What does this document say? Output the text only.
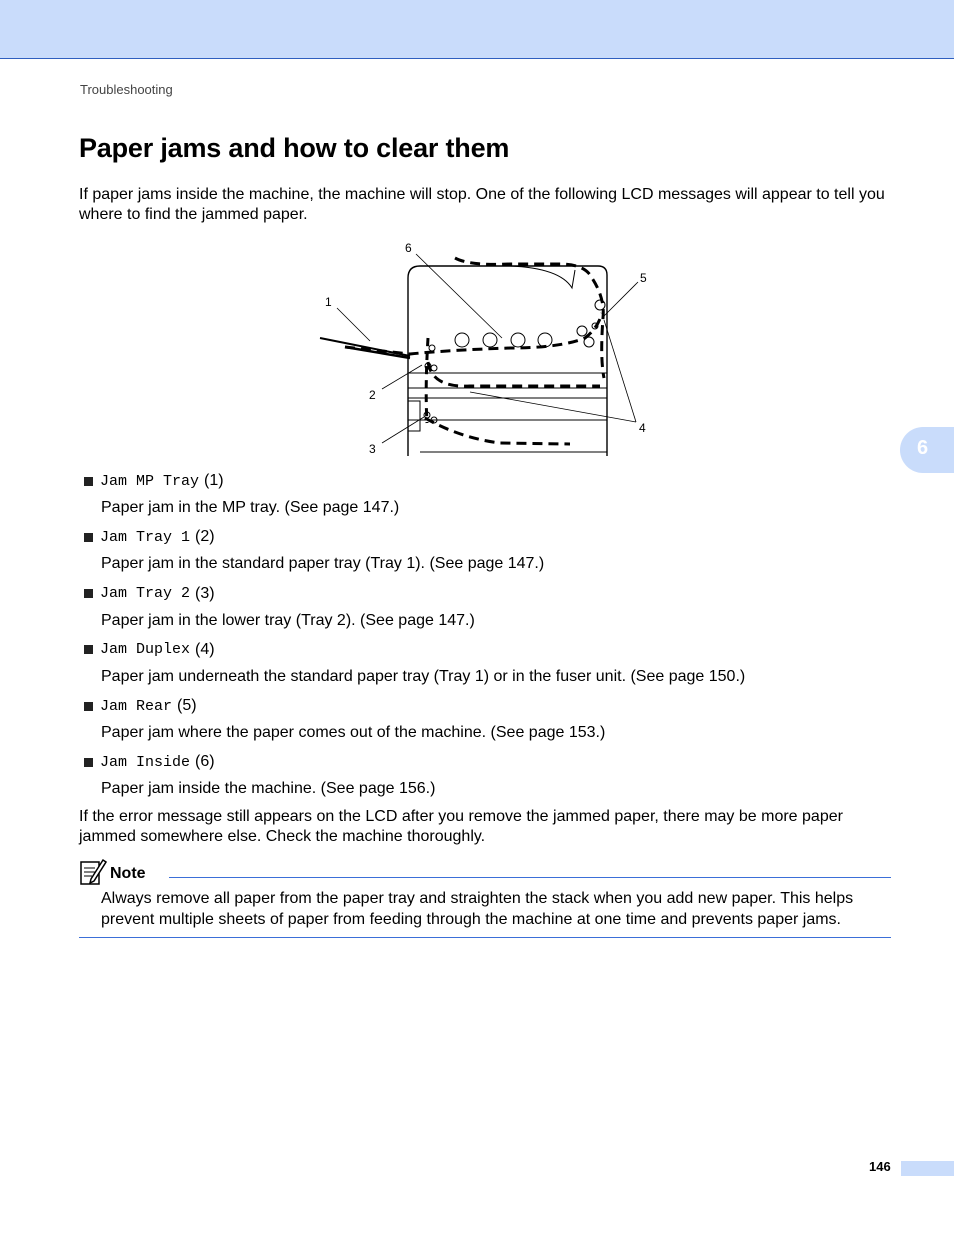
Troubleshooting
Paper jams and how to clear them

If paper jams inside the machine, the machine will stop. One of the following LCD messages will appear to tell you where to find the jammed paper.

1
2
3
4
5
6
Jam MP Tray (1)
Paper jam in the MP tray. (See page 147.)
Jam Tray 1 (2)
Paper jam in the standard paper tray (Tray 1). (See page 147.)
Jam Tray 2 (3)
Paper jam in the lower tray (Tray 2). (See page 147.)
Jam Duplex (4)
Paper jam underneath the standard paper tray (Tray 1) or in the fuser unit. (See page 150.)
Jam Rear (5)
Paper jam where the paper comes out of the machine. (See page 153.)
Jam Inside (6)
Paper jam inside the machine. (See page 156.)

If the error message still appears on the LCD after you remove the jammed paper, there may be more paper jammed somewhere else. Check the machine thoroughly.

Note

Always remove all paper from the paper tray and straighten the stack when you add new paper. This helps prevent multiple sheets of paper from feeding through the machine at one time and prevents paper jams.

6
146
